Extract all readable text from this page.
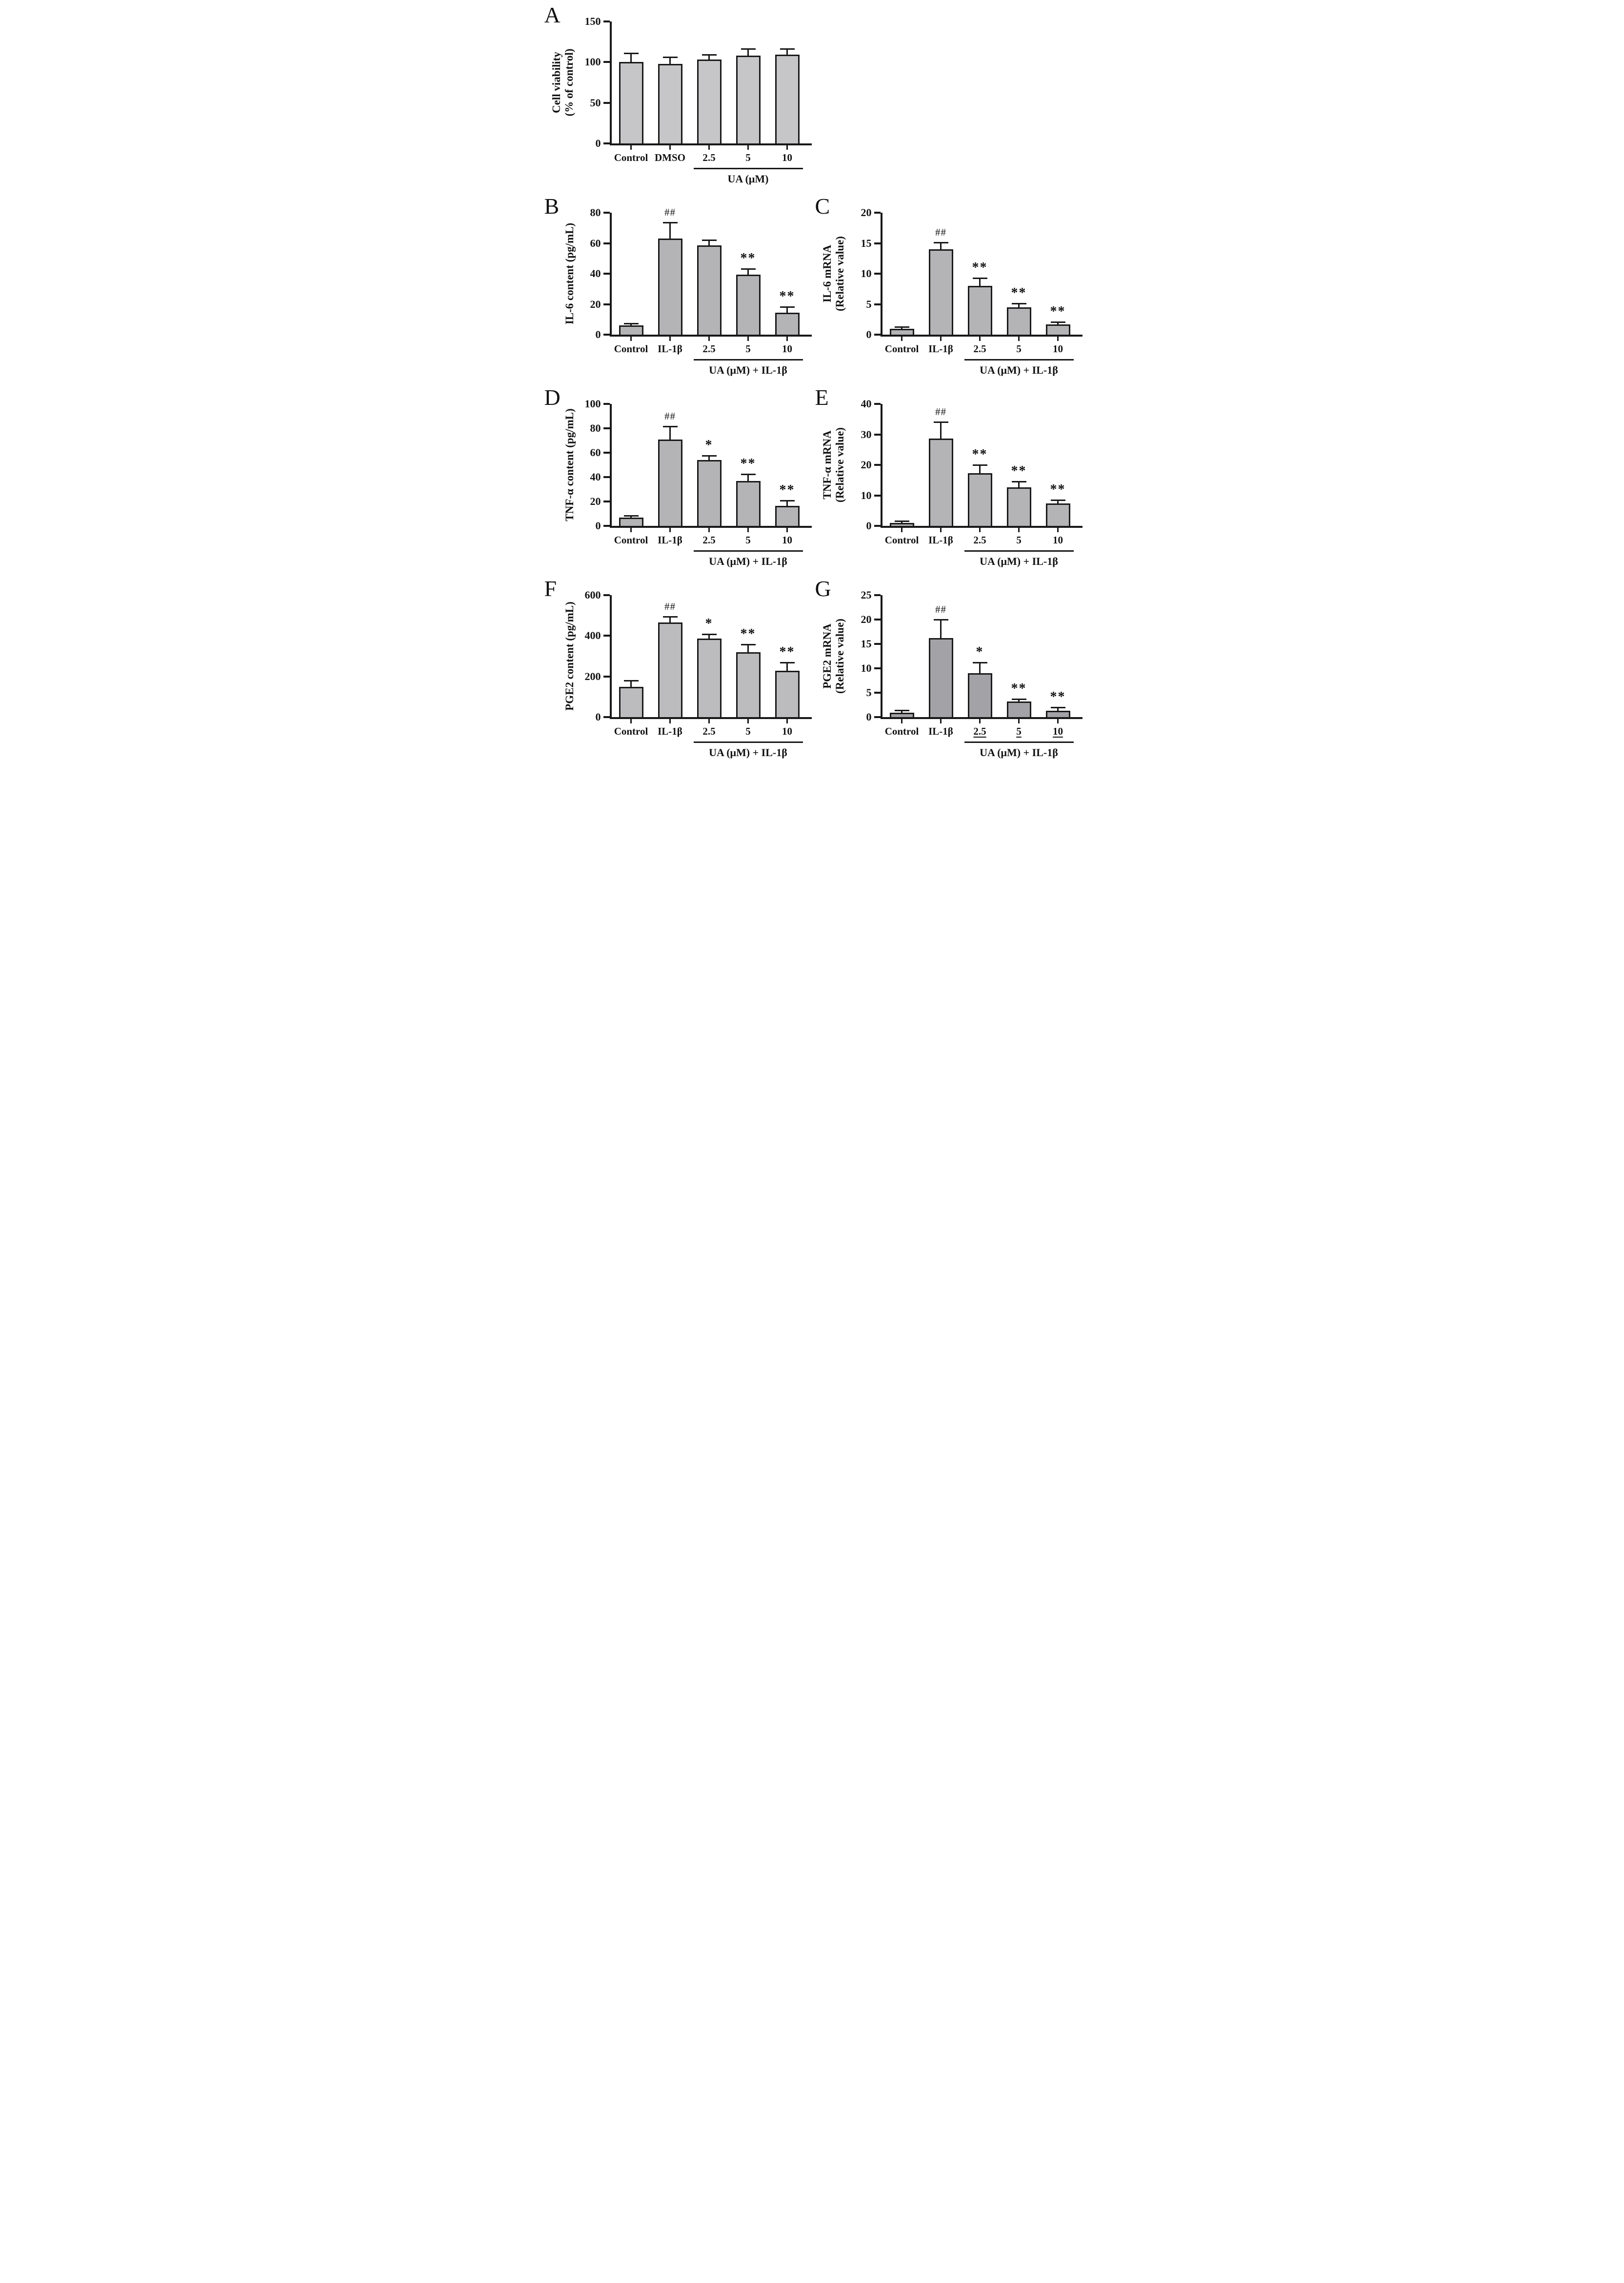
A
Cell viability (% of control)
0
50
100
150
Control DMSO	2.5	5	10
UA (μM)
B
IL-6 content (pg/mL)
0
20
40
60
80
Control
##
IL-1β	2.5
**
5
**
10
UA (μM) + IL-1β
C
IL-6 mRNA (Relative value)
0
5
10
15
20
Control
##
IL-1β
**
2.5
**
5
**
10
UA (μM) + IL-1β
D
TNF-α content (pg/mL)
0
20
40
60
80
100
Control
##
IL-1β
*
2.5
**
5
**
10
UA (μM) + IL-1β
E
TNF-α mRNA (Relative value)
0
10
20
30
40
Control
##
IL-1β
**
2.5
**
5
**
10
UA (μM) + IL-1β
F
PGE2 content (pg/mL)
0
200
400
600
Control
##
IL-1β
*
2.5
**
5
**
10
UA (μM) + IL-1β
G
PGE2 mRNA (Relative value)
0
5
10
15
20
25
Control
##
IL-1β
*
2.5
**
5
**
10
UA (μM) + IL-1β
